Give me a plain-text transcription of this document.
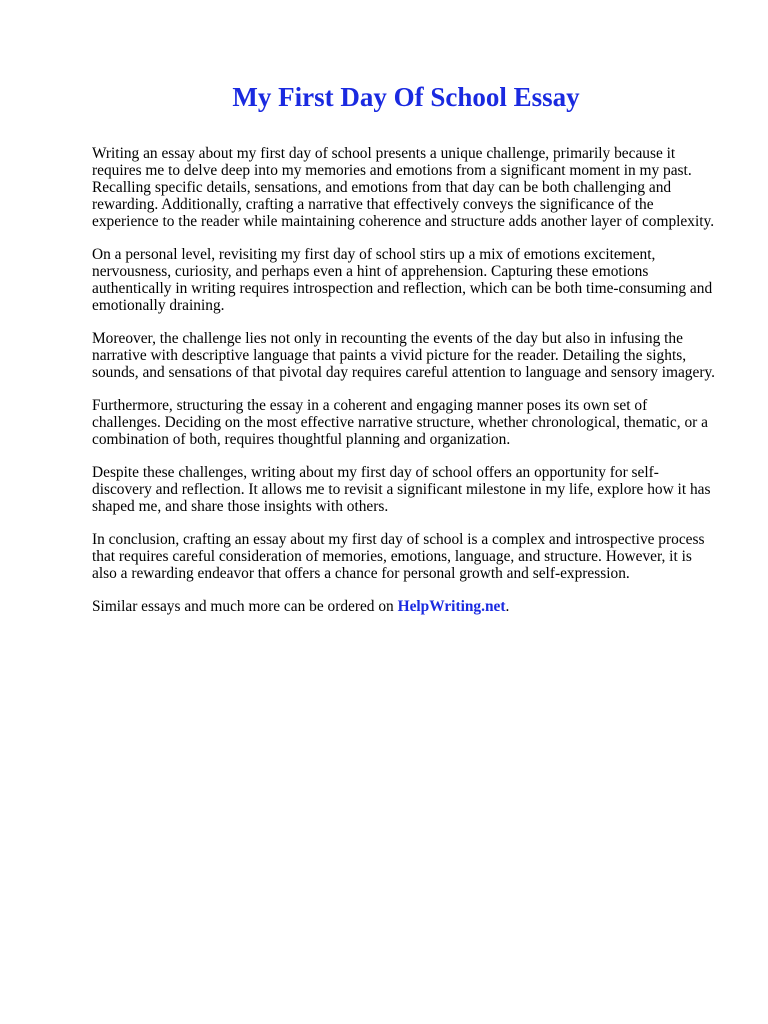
My First Day Of School Essay

Writing an essay about my first day of school presents a unique challenge, primarily because it
requires me to delve deep into my memories and emotions from a significant moment in my past.
Recalling specific details, sensations, and emotions from that day can be both challenging and
rewarding. Additionally, crafting a narrative that effectively conveys the significance of the
experience to the reader while maintaining coherence and structure adds another layer of complexity.

On a personal level, revisiting my first day of school stirs up a mix of emotions excitement,
nervousness, curiosity, and perhaps even a hint of apprehension. Capturing these emotions
authentically in writing requires introspection and reflection, which can be both time-consuming and
emotionally draining.

Moreover, the challenge lies not only in recounting the events of the day but also in infusing the
narrative with descriptive language that paints a vivid picture for the reader. Detailing the sights,
sounds, and sensations of that pivotal day requires careful attention to language and sensory imagery.

Furthermore, structuring the essay in a coherent and engaging manner poses its own set of
challenges. Deciding on the most effective narrative structure, whether chronological, thematic, or a
combination of both, requires thoughtful planning and organization.

Despite these challenges, writing about my first day of school offers an opportunity for self-
discovery and reflection. It allows me to revisit a significant milestone in my life, explore how it has
shaped me, and share those insights with others.

In conclusion, crafting an essay about my first day of school is a complex and introspective process
that requires careful consideration of memories, emotions, language, and structure. However, it is
also a rewarding endeavor that offers a chance for personal growth and self-expression.

Similar essays and much more can be ordered on HelpWriting.net.
